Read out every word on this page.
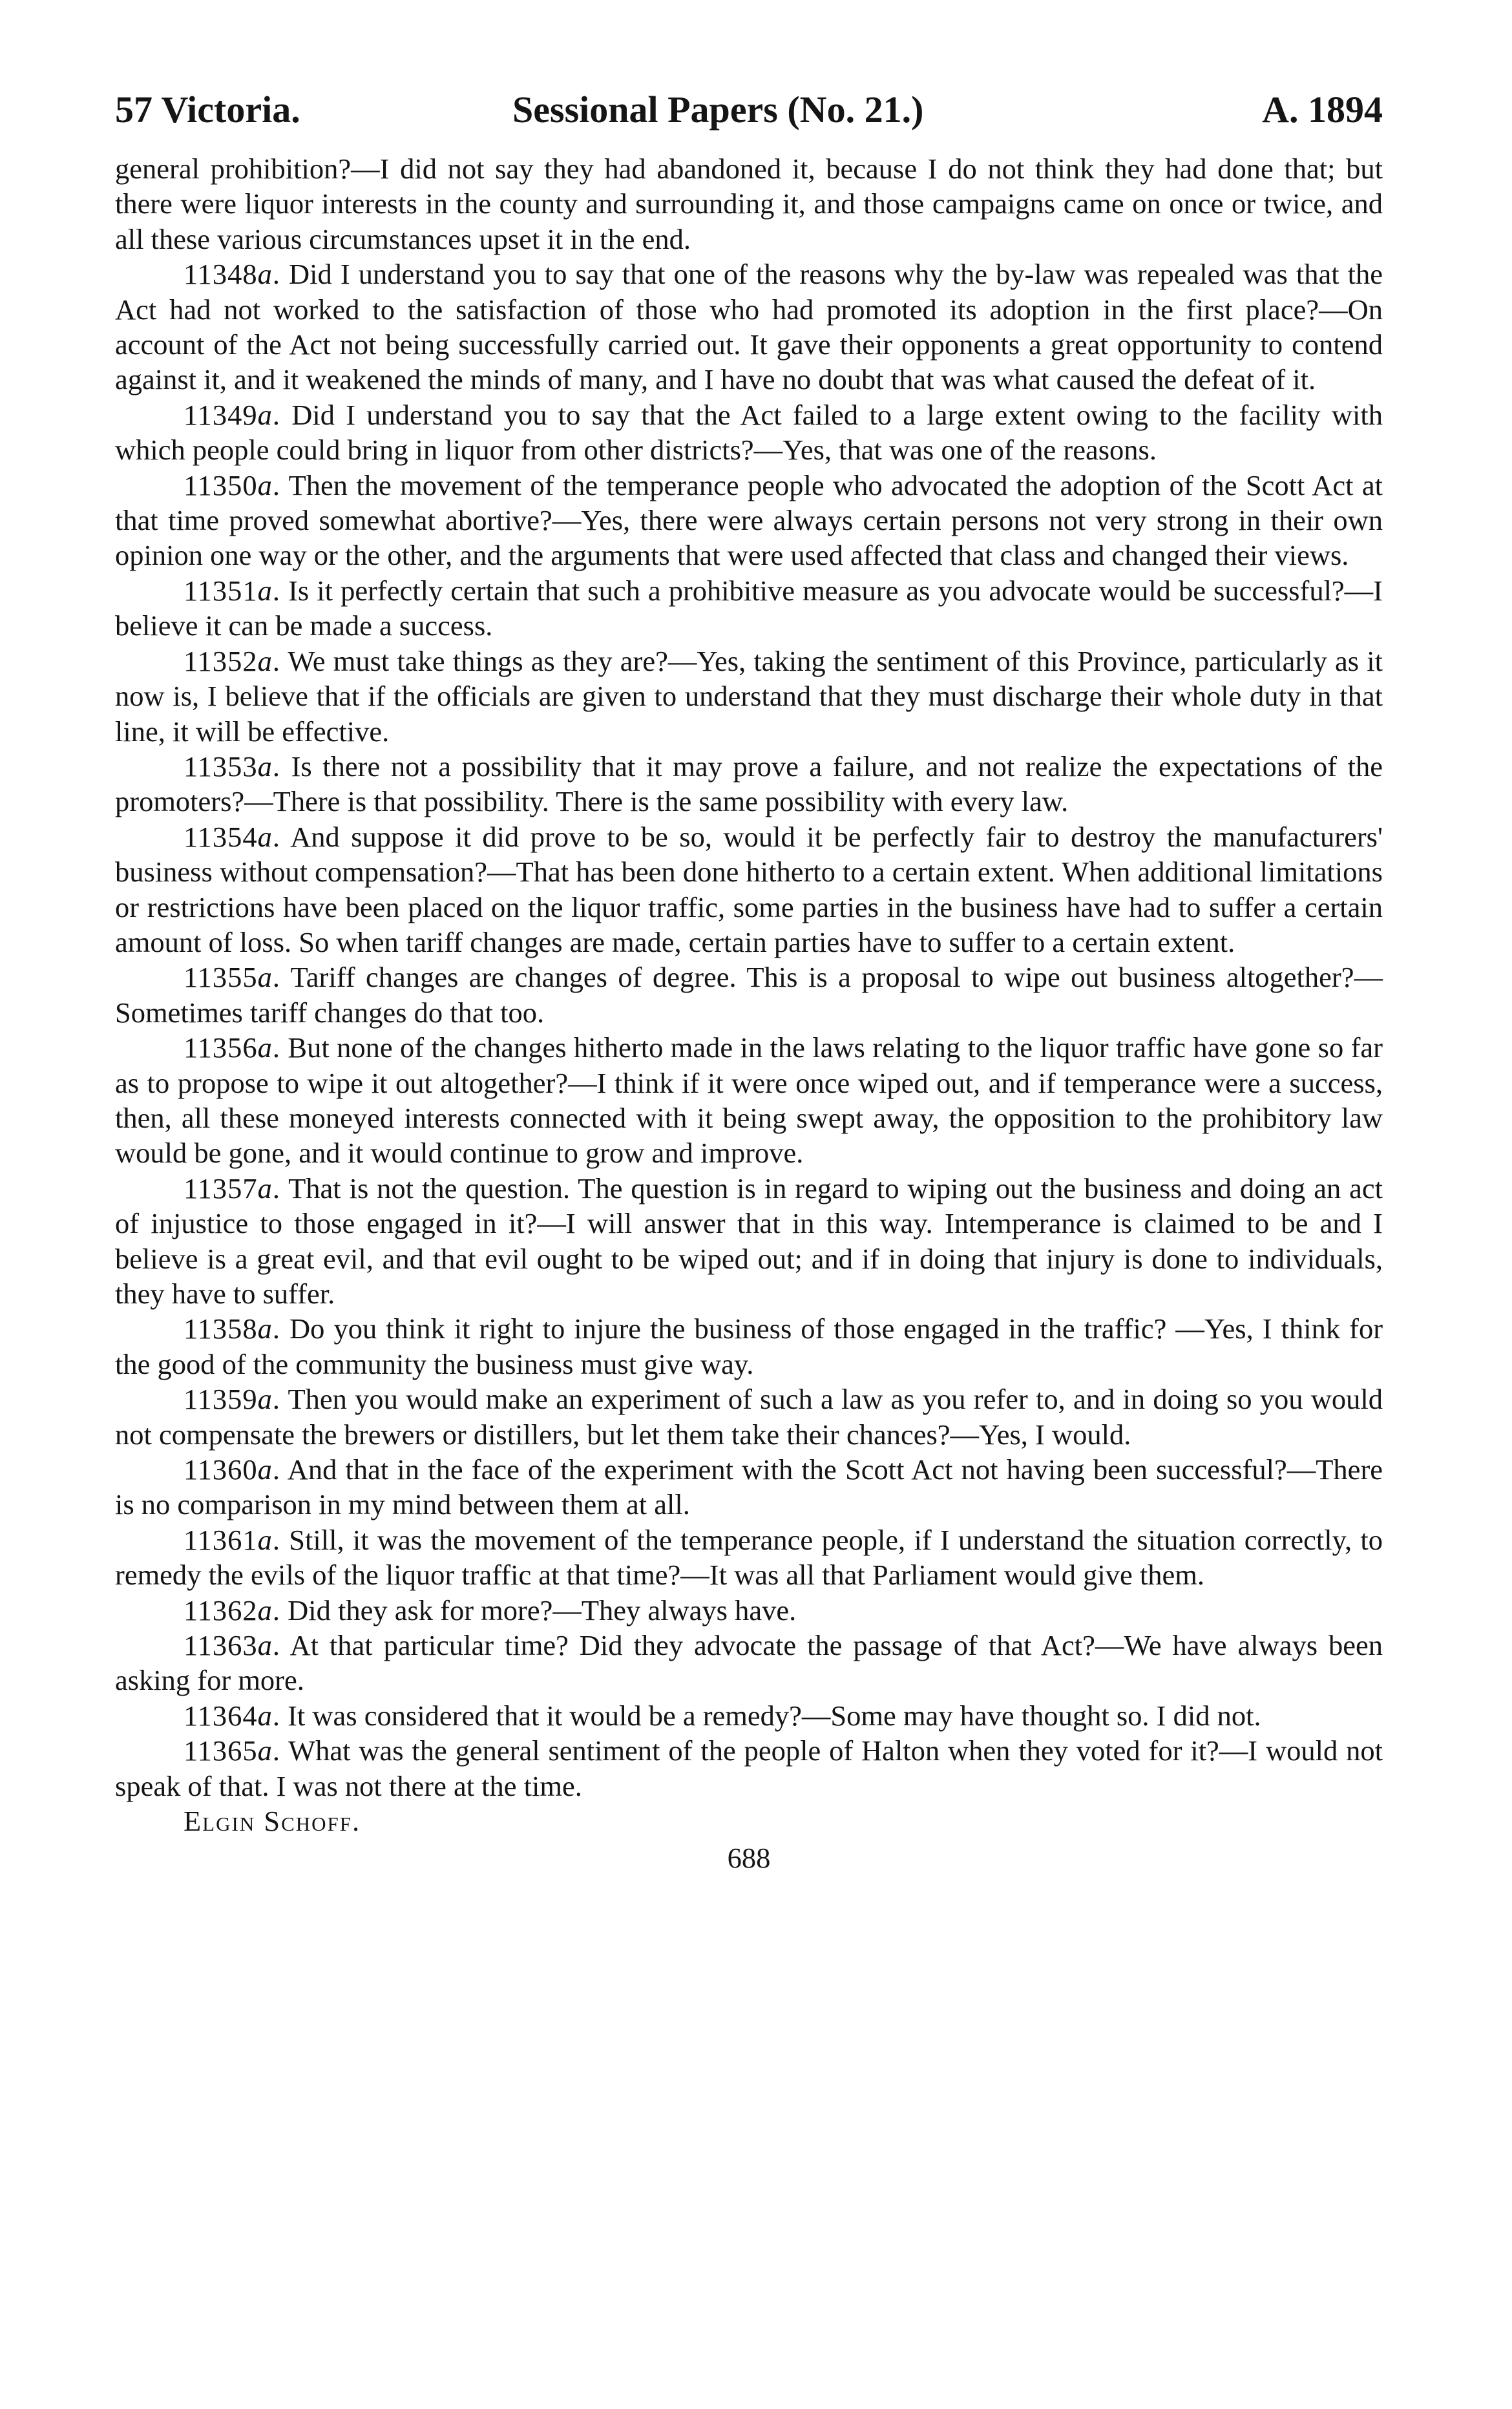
57 Victoria.	Sessional Papers (No. 21.)	A. 1894

general prohibition?—I did not say they had abandoned it, because I do not think they had done that; but there were liquor interests in the county and surrounding it, and those campaigns came on once or twice, and all these various circumstances upset it in the end.

11348a. Did I understand you to say that one of the reasons why the by-law was repealed was that the Act had not worked to the satisfaction of those who had promoted its adoption in the first place?—On account of the Act not being successfully carried out. It gave their opponents a great opportunity to contend against it, and it weakened the minds of many, and I have no doubt that was what caused the defeat of it.

11349a. Did I understand you to say that the Act failed to a large extent owing to the facility with which people could bring in liquor from other districts?—Yes, that was one of the reasons.

11350a. Then the movement of the temperance people who advocated the adoption of the Scott Act at that time proved somewhat abortive?—Yes, there were always certain persons not very strong in their own opinion one way or the other, and the arguments that were used affected that class and changed their views.

11351a. Is it perfectly certain that such a prohibitive measure as you advocate would be successful?—I believe it can be made a success.

11352a. We must take things as they are?—Yes, taking the sentiment of this Province, particularly as it now is, I believe that if the officials are given to understand that they must discharge their whole duty in that line, it will be effective.

11353a. Is there not a possibility that it may prove a failure, and not realize the expectations of the promoters?—There is that possibility. There is the same possibility with every law.

11354a. And suppose it did prove to be so, would it be perfectly fair to destroy the manufacturers' business without compensation?—That has been done hitherto to a certain extent. When additional limitations or restrictions have been placed on the liquor traffic, some parties in the business have had to suffer a certain amount of loss. So when tariff changes are made, certain parties have to suffer to a certain extent.

11355a. Tariff changes are changes of degree. This is a proposal to wipe out business altogether?—Sometimes tariff changes do that too.

11356a. But none of the changes hitherto made in the laws relating to the liquor traffic have gone so far as to propose to wipe it out altogether?—I think if it were once wiped out, and if temperance were a success, then, all these moneyed interests connected with it being swept away, the opposition to the prohibitory law would be gone, and it would continue to grow and improve.

11357a. That is not the question. The question is in regard to wiping out the business and doing an act of injustice to those engaged in it?—I will answer that in this way. Intemperance is claimed to be and I believe is a great evil, and that evil ought to be wiped out; and if in doing that injury is done to individuals, they have to suffer.

11358a. Do you think it right to injure the business of those engaged in the traffic? —Yes, I think for the good of the community the business must give way.

11359a. Then you would make an experiment of such a law as you refer to, and in doing so you would not compensate the brewers or distillers, but let them take their chances?—Yes, I would.

11360a. And that in the face of the experiment with the Scott Act not having been successful?—There is no comparison in my mind between them at all.

11361a. Still, it was the movement of the temperance people, if I understand the situation correctly, to remedy the evils of the liquor traffic at that time?—It was all that Parliament would give them.

11362a. Did they ask for more?—They always have.

11363a. At that particular time? Did they advocate the passage of that Act?—We have always been asking for more.

11364a. It was considered that it would be a remedy?—Some may have thought so. I did not.

11365a. What was the general sentiment of the people of Halton when they voted for it?—I would not speak of that. I was not there at the time.

Elgin Schoff.

688
